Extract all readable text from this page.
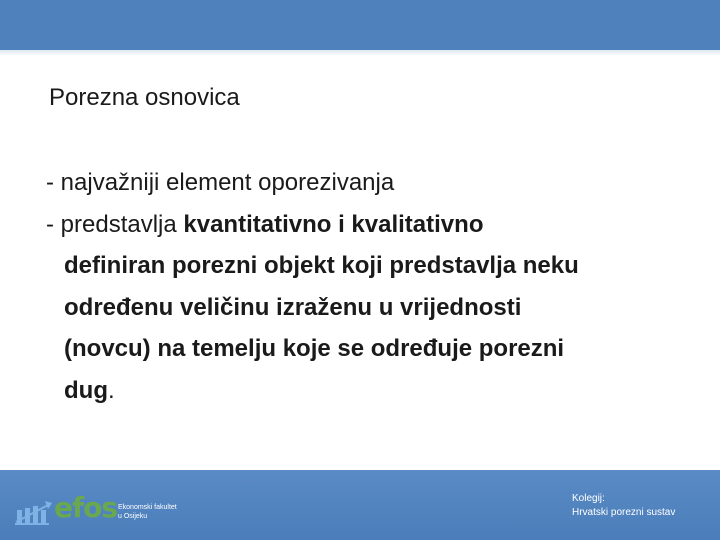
Porezna osnovica
- najvažniji element oporezivanja
- predstavlja kvantitativno i kvalitativno
definiran porezni objekt koji predstavlja neku
određenu veličinu izraženu u vrijednosti
(novcu) na temelju koje se određuje porezni
dug.
efos Ekonomski fakultet
u Osijeku
Kolegij:
Hrvatski porezni sustav
